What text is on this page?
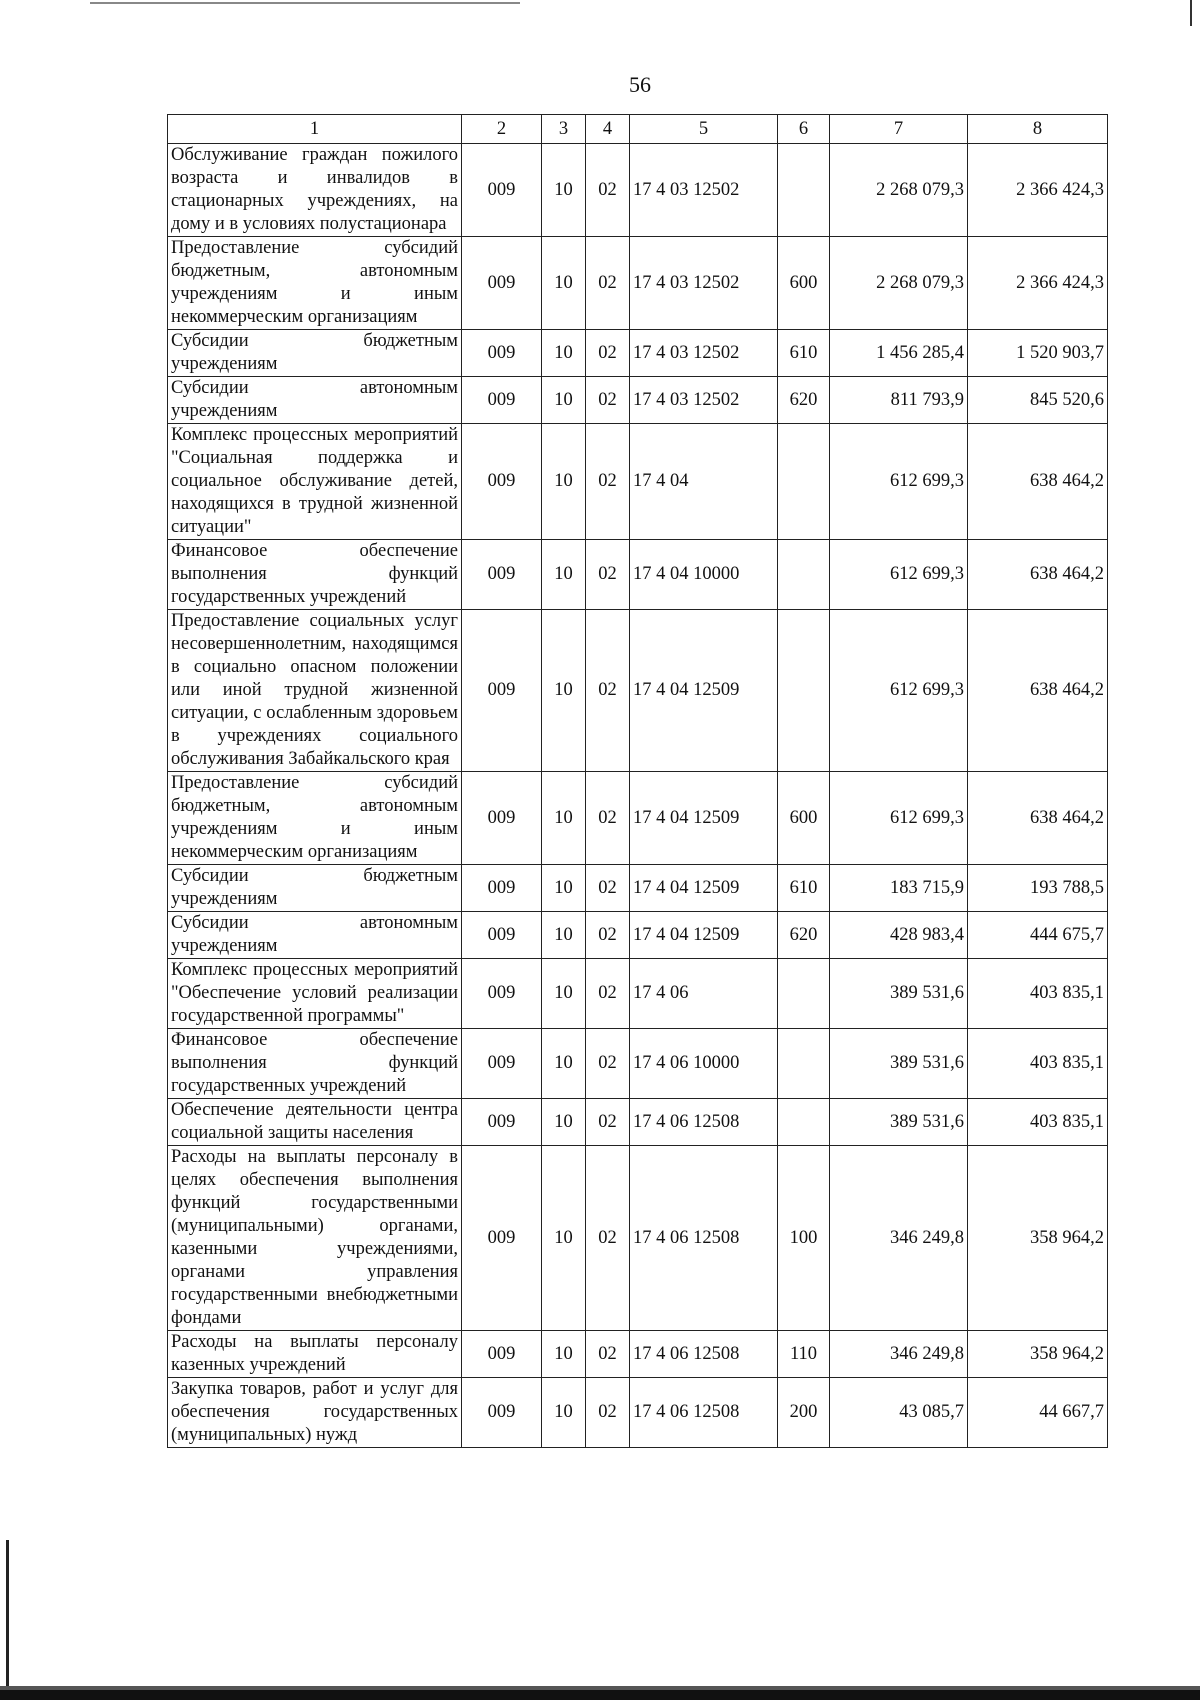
56
1	2	3	4	5	6	7	8
Обслуживание граждан пожилого возраста и инвалидов в стационарных учреждениях, на дому и в условиях полустационара	009	10	02	17 4 03 12502		2 268 079,3	2 366 424,3
Предоставление субсидий бюджетным, автономным учреждениям и иным некоммерческим организациям	009	10	02	17 4 03 12502	600	2 268 079,3	2 366 424,3
Субсидии бюджетным учреждениям	009	10	02	17 4 03 12502	610	1 456 285,4	1 520 903,7
Субсидии автономным учреждениям	009	10	02	17 4 03 12502	620	811 793,9	845 520,6
Комплекс процессных мероприятий "Социальная поддержка и социальное обслуживание детей, находящихся в трудной жизненной ситуации"	009	10	02	17 4 04		612 699,3	638 464,2
Финансовое обеспечение выполнения функций государственных учреждений	009	10	02	17 4 04 10000		612 699,3	638 464,2
Предоставление социальных услуг несовершеннолетним, находящимся в социально опасном положении или иной трудной жизненной ситуации, с ослабленным здоровьем в учреждениях социального обслуживания Забайкальского края	009	10	02	17 4 04 12509		612 699,3	638 464,2
Предоставление субсидий бюджетным, автономным учреждениям и иным некоммерческим организациям	009	10	02	17 4 04 12509	600	612 699,3	638 464,2
Субсидии бюджетным учреждениям	009	10	02	17 4 04 12509	610	183 715,9	193 788,5
Субсидии автономным учреждениям	009	10	02	17 4 04 12509	620	428 983,4	444 675,7
Комплекс процессных мероприятий "Обеспечение условий реализации государственной программы"	009	10	02	17 4 06		389 531,6	403 835,1
Финансовое обеспечение выполнения функций государственных учреждений	009	10	02	17 4 06 10000		389 531,6	403 835,1
Обеспечение деятельности центра социальной защиты населения	009	10	02	17 4 06 12508		389 531,6	403 835,1
Расходы на выплаты персоналу в целях обеспечения выполнения функций государственными (муниципальными) органами, казенными учреждениями, органами управления государственными внебюджетными фондами	009	10	02	17 4 06 12508	100	346 249,8	358 964,2
Расходы на выплаты персоналу казенных учреждений	009	10	02	17 4 06 12508	110	346 249,8	358 964,2
Закупка товаров, работ и услуг для обеспечения государственных (муниципальных) нужд	009	10	02	17 4 06 12508	200	43 085,7	44 667,7
